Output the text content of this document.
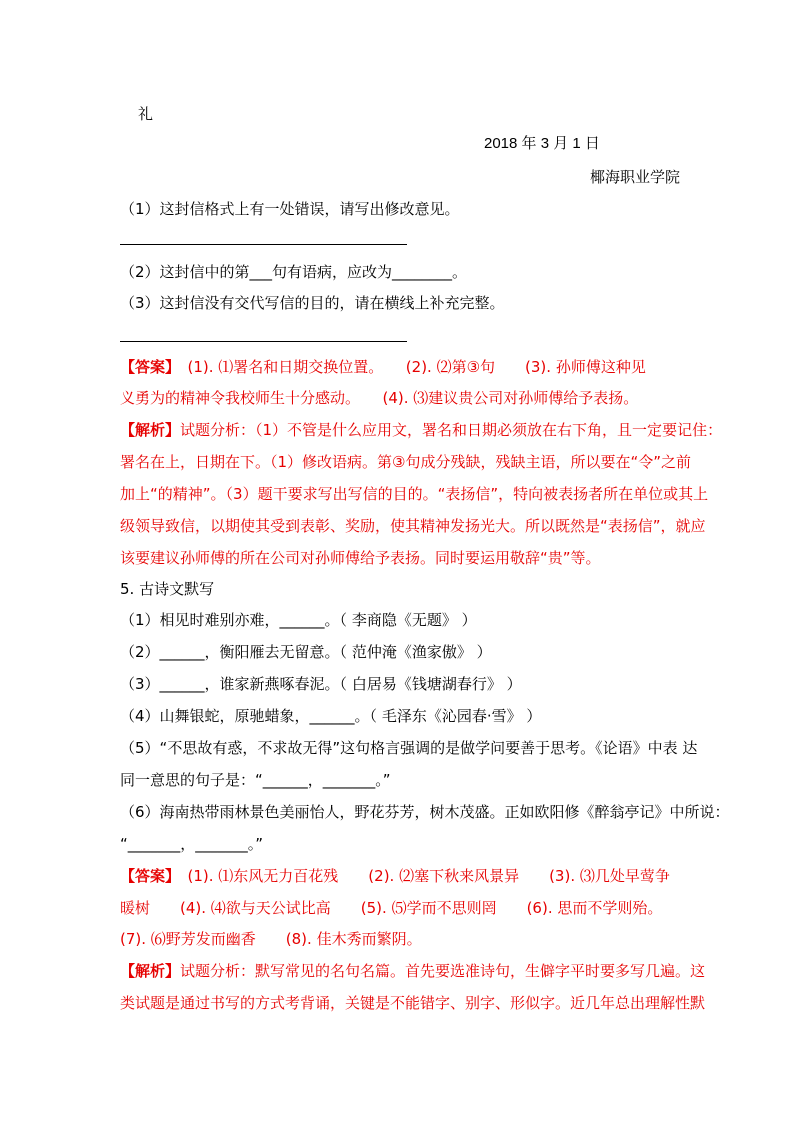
礼
2018 年 3 月 1 日
椰海职业学院
（1）这封信格式上有一处错误，请写出修改意见。
（2）这封信中的第___句有语病，应改为________。
（3）这封信没有交代写信的目的，请在横线上补充完整。
【答案】　(1). ⑴署名和日期交换位置。　　(2). ⑵第③句　　(3). 孙师傅这种见
义勇为的精神令我校师生十分感动。　　(4). ⑶建议贵公司对孙师傅给予表扬。
【解析】试题分析：（1）不管是什么应用文，署名和日期必须放在右下角，且一定要记住：
署名在上，日期在下。（1）修改语病。第③句成分残缺，残缺主语，所以要在“令”之前
加上“的精神”。（3）题干要求写出写信的目的。“表扬信”，特向被表扬者所在单位或其上
级领导致信，以期使其受到表彰、奖励，使其精神发扬光大。所以既然是“表扬信”，就应
该要建议孙师傅的所在公司对孙师傅给予表扬。同时要运用敬辞“贵”等。
5. 古诗文默写
（1）相见时难别亦难，______。（ 李商隐《无题》 ）
（2）______，衡阳雁去无留意。（ 范仲淹《渔家傲》 ）
（3）______，谁家新燕啄春泥。（ 白居易《钱塘湖春行》 ）
（4）山舞银蛇，原驰蜡象，______。（ 毛泽东《沁园春·雪》 ）
（5）“不思故有惑，不求故无得”这句格言强调的是做学问要善于思考。《论语》中表 达
同一意思的句子是：“______，_______。”
（6）海南热带雨林景色美丽怡人，野花芬芳，树木茂盛。正如欧阳修《醉翁亭记》中所说：
“_______，_______。”
【答案】　(1). ⑴东风无力百花残　　(2). ⑵塞下秋来风景异　　(3). ⑶几处早莺争
暖树　　(4). ⑷欲与天公试比高　　(5). ⑸学而不思则罔　　(6). 思而不学则殆。
(7). ⑹野芳发而幽香　　(8). 佳木秀而繁阴。
【解析】试题分析：默写常见的名句名篇。首先要选准诗句，生僻字平时要多写几遍。这
类试题是通过书写的方式考背诵，关键是不能错字、别字、形似字。近几年总出理解性默
